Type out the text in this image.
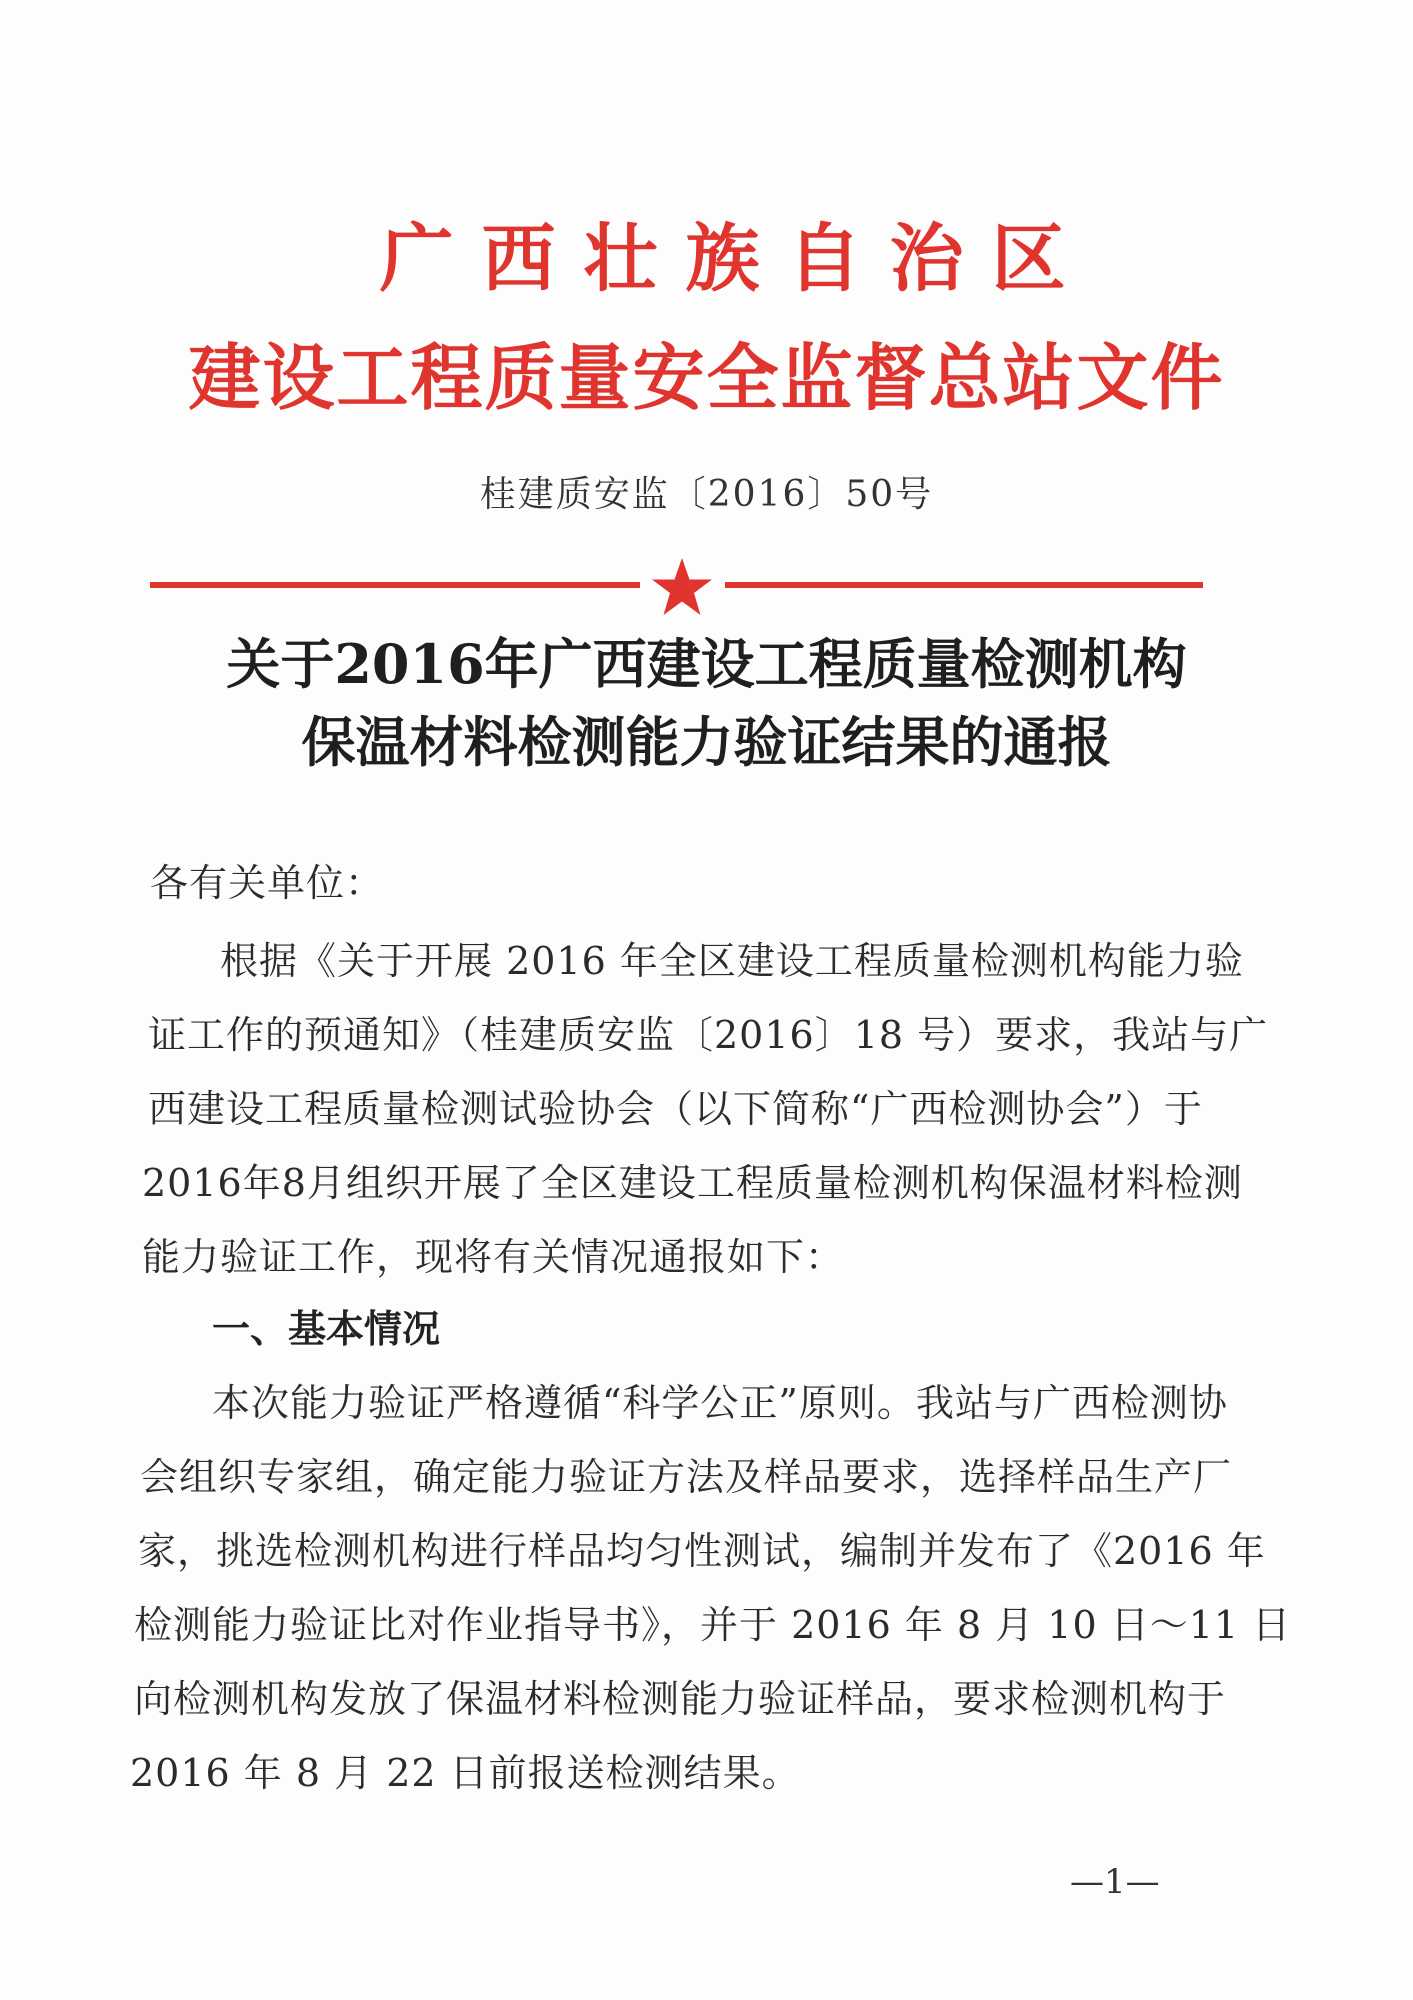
广西壮族自治区
建设工程质量安全监督总站文件
桂建质安监〔2016〕50号
关于2016年广西建设工程质量检测机构
保温材料检测能力验证结果的通报
各有关单位：
根据《关于开展 2016 年全区建设工程质量检测机构能力验
证工作的预通知》（桂建质安监〔2016〕18 号）要求，我站与广
西建设工程质量检测试验协会（以下简称“广西检测协会”）于
2016年8月组织开展了全区建设工程质量检测机构保温材料检测
能力验证工作，现将有关情况通报如下：
一、基本情况
本次能力验证严格遵循“科学公正”原则。我站与广西检测协
会组织专家组，确定能力验证方法及样品要求，选择样品生产厂
家，挑选检测机构进行样品均匀性测试，编制并发布了《2016 年
检测能力验证比对作业指导书》，并于 2016 年 8 月 10 日～11 日
向检测机构发放了保温材料检测能力验证样品，要求检测机构于
2016 年 8 月 22 日前报送检测结果。
—1—
